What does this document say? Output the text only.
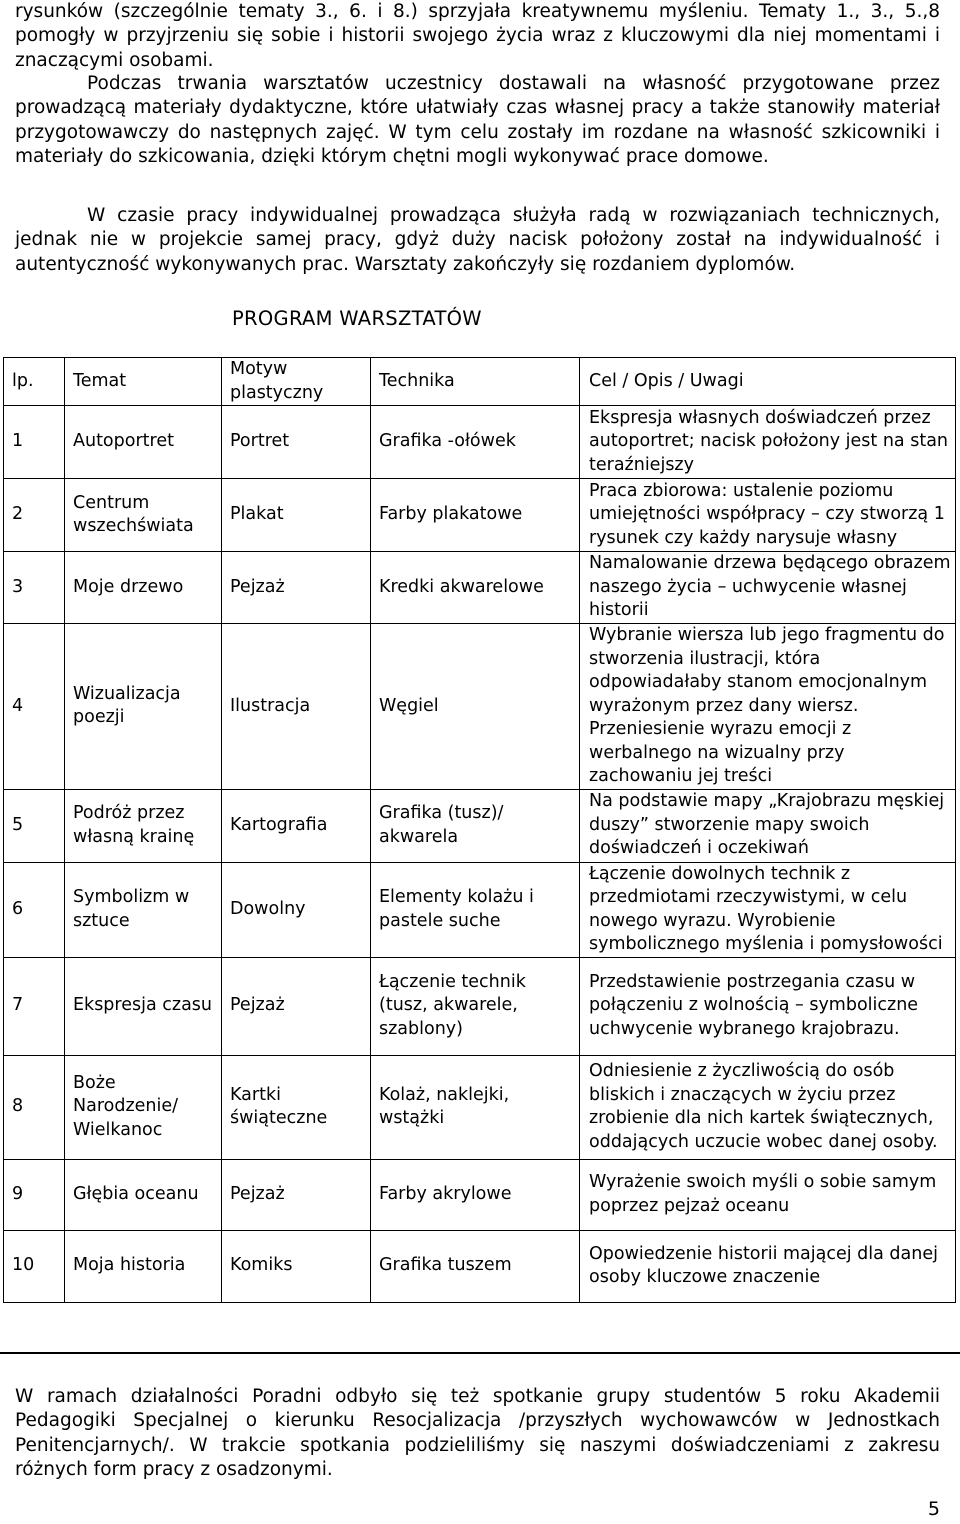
rysunków (szczególnie tematy 3., 6. i 8.) sprzyjała kreatywnemu myśleniu. Tematy 1., 3., 5.,8 pomogły w przyjrzeniu się sobie i historii swojego życia wraz z kluczowymi dla niej momentami i znaczącymi osobami.

Podczas trwania warsztatów uczestnicy dostawali na własność przygotowane przez prowadzącą materiały dydaktyczne, które ułatwiały czas własnej pracy a także stanowiły materiał przygotowawczy do następnych zajęć. W tym celu zostały im rozdane na własność szkicowniki i materiały do szkicowania, dzięki którym chętni mogli wykonywać prace domowe.

W czasie pracy indywidualnej prowadząca służyła radą w rozwiązaniach technicznych, jednak nie w projekcie samej pracy, gdyż duży nacisk położony został na indywidualność i autentyczność wykonywanych prac. Warsztaty zakończyły się rozdaniem dyplomów.

PROGRAM WARSZTATÓW
lp.	Temat	Motyw plastyczny	Technika	Cel / Opis / Uwagi
1	Autoportret	Portret	Grafika -ołówek	Ekspresja własnych doświadczeń przez autoportret; nacisk położony jest na stan teraźniejszy
2	Centrum wszechświata	Plakat	Farby plakatowe	Praca zbiorowa: ustalenie poziomu umiejętności współpracy – czy stworzą 1 rysunek czy każdy narysuje własny
3	Moje drzewo	Pejzaż	Kredki akwarelowe	Namalowanie drzewa będącego obrazem naszego życia – uchwycenie własnej historii
4	Wizualizacja poezji	Ilustracja	Węgiel	Wybranie wiersza lub jego fragmentu do stworzenia ilustracji, która odpowiadałaby stanom emocjonalnym wyrażonym przez dany wiersz. Przeniesienie wyrazu emocji z werbalnego na wizualny przy zachowaniu jej treści
5	Podróż przez własną krainę	Kartografia	Grafika (tusz)/ akwarela	Na podstawie mapy „Krajobrazu męskiej duszy” stworzenie mapy swoich doświadczeń i oczekiwań
6	Symbolizm w sztuce	Dowolny	Elementy kolażu i pastele suche	Łączenie dowolnych technik z przedmiotami rzeczywistymi, w celu nowego wyrazu. Wyrobienie symbolicznego myślenia i pomysłowości
7	Ekspresja czasu	Pejzaż	Łączenie technik (tusz, akwarele, szablony)	Przedstawienie postrzegania czasu w połączeniu z wolnością – symboliczne uchwycenie wybranego krajobrazu.
8	Boże Narodzenie/ Wielkanoc	Kartki świąteczne	Kolaż, naklejki, wstążki	Odniesienie z życzliwością do osób bliskich i znaczących w życiu przez zrobienie dla nich kartek świątecznych, oddających uczucie wobec danej osoby.
9	Głębia oceanu	Pejzaż	Farby akrylowe	Wyrażenie swoich myśli o sobie samym poprzez pejzaż oceanu
10	Moja historia	Komiks	Grafika tuszem	Opowiedzenie historii mającej dla danej osoby kluczowe znaczenie

W ramach działalności Poradni odbyło się też spotkanie grupy studentów 5 roku Akademii Pedagogiki Specjalnej o kierunku Resocjalizacja /przyszłych wychowawców w Jednostkach Penitencjarnych/. W trakcie spotkania podzieliliśmy się naszymi doświadczeniami z zakresu różnych form pracy z osadzonymi.

5
